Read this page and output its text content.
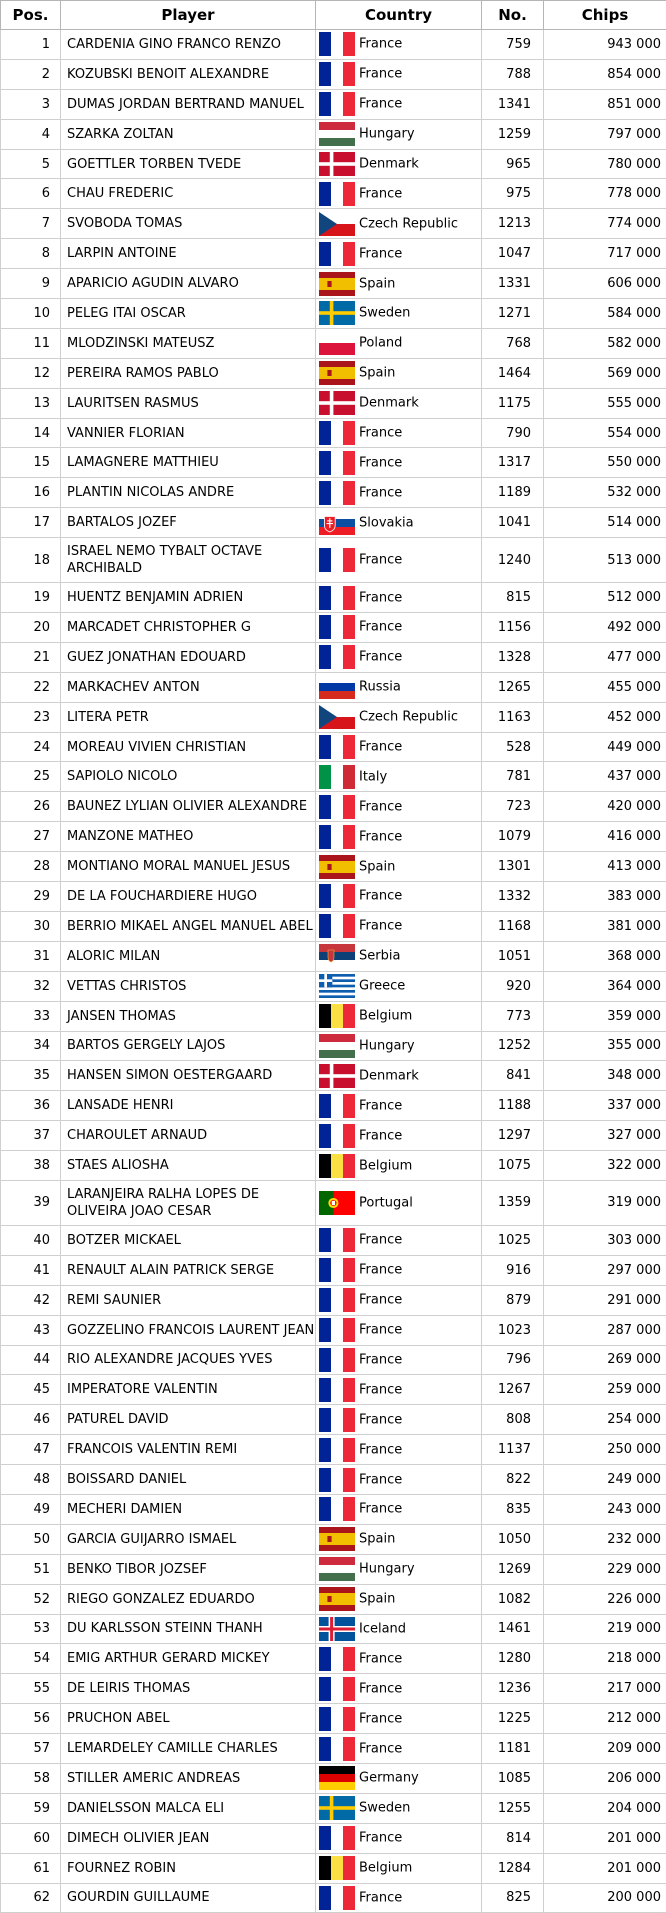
Pos.	Player	Country	No.	Chips
1	CARDENIA GINO FRANCO RENZO	France	759	943 000
2	KOZUBSKI BENOIT ALEXANDRE	France	788	854 000
3	DUMAS JORDAN BERTRAND MANUEL	France	1341	851 000
4	SZARKA ZOLTAN	Hungary	1259	797 000
5	GOETTLER TORBEN TVEDE	Denmark	965	780 000
6	CHAU FREDERIC	France	975	778 000
7	SVOBODA TOMAS	Czech Republic	1213	774 000
8	LARPIN ANTOINE	France	1047	717 000
9	APARICIO AGUDIN ALVARO	Spain	1331	606 000
10	PELEG ITAI OSCAR	Sweden	1271	584 000
11	MLODZINSKI MATEUSZ	Poland	768	582 000
12	PEREIRA RAMOS PABLO	Spain	1464	569 000
13	LAURITSEN RASMUS	Denmark	1175	555 000
14	VANNIER FLORIAN	France	790	554 000
15	LAMAGNERE MATTHIEU	France	1317	550 000
16	PLANTIN NICOLAS ANDRE	France	1189	532 000
17	BARTALOS JOZEF	Slovakia	1041	514 000
18	ISRAEL NEMO TYBALT OCTAVE ARCHIBALD	France	1240	513 000
19	HUENTZ BENJAMIN ADRIEN	France	815	512 000
20	MARCADET CHRISTOPHER G	France	1156	492 000
21	GUEZ JONATHAN EDOUARD	France	1328	477 000
22	MARKACHEV ANTON	Russia	1265	455 000
23	LITERA PETR	Czech Republic	1163	452 000
24	MOREAU VIVIEN CHRISTIAN	France	528	449 000
25	SAPIOLO NICOLO	Italy	781	437 000
26	BAUNEZ LYLIAN OLIVIER ALEXANDRE	France	723	420 000
27	MANZONE MATHEO	France	1079	416 000
28	MONTIANO MORAL MANUEL JESUS	Spain	1301	413 000
29	DE LA FOUCHARDIERE HUGO	France	1332	383 000
30	BERRIO MIKAEL ANGEL MANUEL ABEL	France	1168	381 000
31	ALORIC MILAN	Serbia	1051	368 000
32	VETTAS CHRISTOS	Greece	920	364 000
33	JANSEN THOMAS	Belgium	773	359 000
34	BARTOS GERGELY LAJOS	Hungary	1252	355 000
35	HANSEN SIMON OESTERGAARD	Denmark	841	348 000
36	LANSADE HENRI	France	1188	337 000
37	CHAROULET ARNAUD	France	1297	327 000
38	STAES ALIOSHA	Belgium	1075	322 000
39	LARANJEIRA RALHA LOPES DE OLIVEIRA JOAO CESAR	Portugal	1359	319 000
40	BOTZER MICKAEL	France	1025	303 000
41	RENAULT ALAIN PATRICK SERGE	France	916	297 000
42	REMI SAUNIER	France	879	291 000
43	GOZZELINO FRANCOIS LAURENT JEAN	France	1023	287 000
44	RIO ALEXANDRE JACQUES YVES	France	796	269 000
45	IMPERATORE VALENTIN	France	1267	259 000
46	PATUREL DAVID	France	808	254 000
47	FRANCOIS VALENTIN REMI	France	1137	250 000
48	BOISSARD DANIEL	France	822	249 000
49	MECHERI DAMIEN	France	835	243 000
50	GARCIA GUIJARRO ISMAEL	Spain	1050	232 000
51	BENKO TIBOR JOZSEF	Hungary	1269	229 000
52	RIEGO GONZALEZ EDUARDO	Spain	1082	226 000
53	DU KARLSSON STEINN THANH	Iceland	1461	219 000
54	EMIG ARTHUR GERARD MICKEY	France	1280	218 000
55	DE LEIRIS THOMAS	France	1236	217 000
56	PRUCHON ABEL	France	1225	212 000
57	LEMARDELEY CAMILLE CHARLES	France	1181	209 000
58	STILLER AMERIC ANDREAS	Germany	1085	206 000
59	DANIELSSON MALCA ELI	Sweden	1255	204 000
60	DIMECH OLIVIER JEAN	France	814	201 000
61	FOURNEZ ROBIN	Belgium	1284	201 000
62	GOURDIN GUILLAUME	France	825	200 000
